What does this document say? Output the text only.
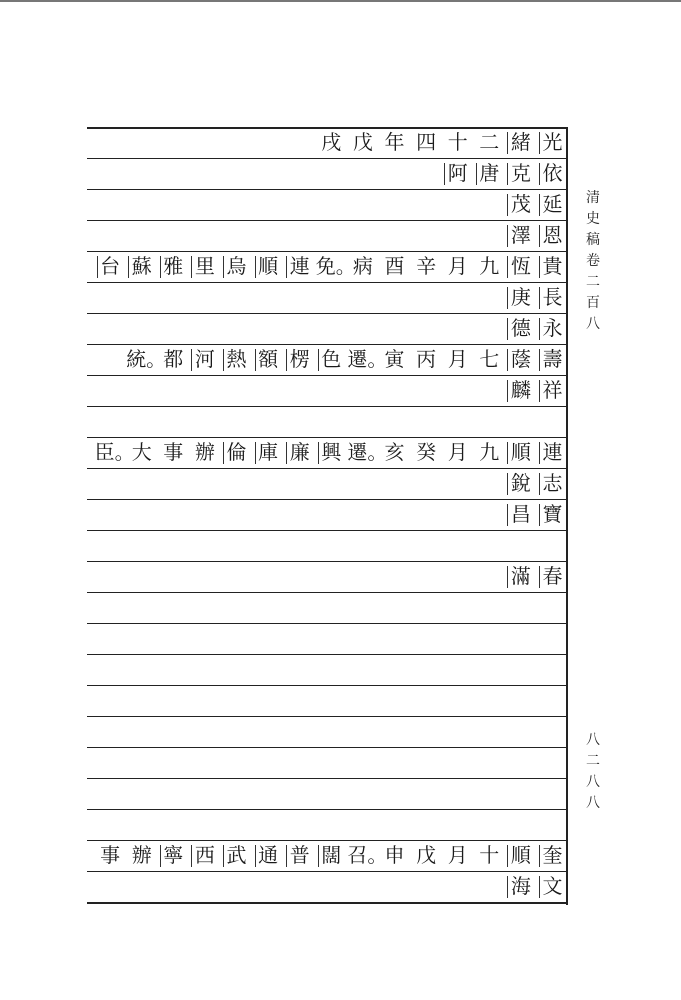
光
緒
二
十
四
年
戊
戌
依
克
唐
阿
延
茂
恩
澤
貴
恆
九
月
辛
酉
病
免。
連
順
烏
里
雅
蘇
台
長
庚
永
德
壽
蔭
七
月
丙
寅
遷。
色
楞
額
熱
河
都
統。
祥
麟
連
順
九
月
癸
亥
遷。
興
廉
庫
倫
辦
事
大
臣。
志
銳
寶
昌
春
滿
奎
順
十
月
戊
申
召。
闊
普
通
武
西
寧
辦
事
文
海
清
史
稿
卷
二
百
八
八
二
八
八
